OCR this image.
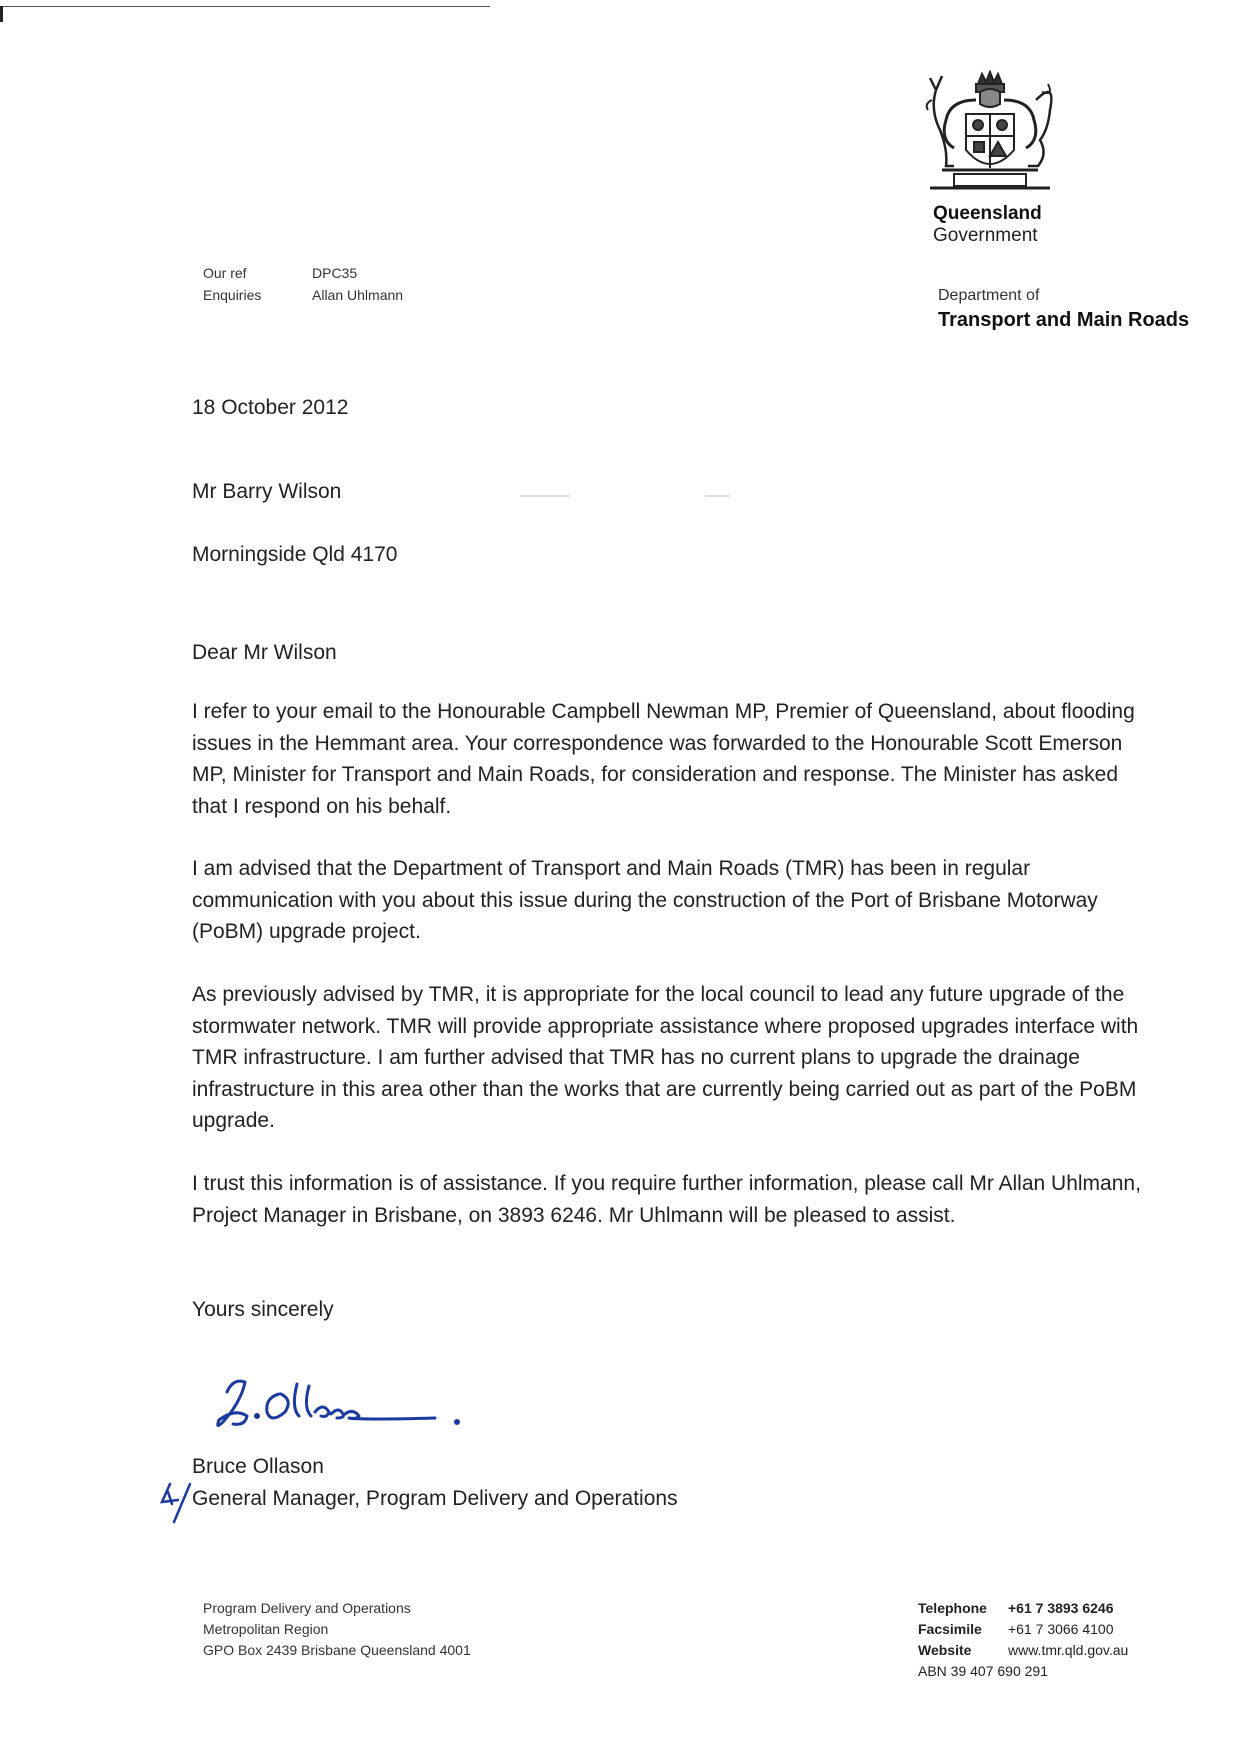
Queensland
Government
Our ref	DPC35
Enquiries	Allan Uhlmann	Department of
Transport and Main Roads
18 October 2012
Mr Barry Wilson
Morningside Qld 4170
Dear Mr Wilson

I refer to your email to the Honourable Campbell Newman MP, Premier of Queensland, about flooding issues in the Hemmant area. Your correspondence was forwarded to the Honourable Scott Emerson MP, Minister for Transport and Main Roads, for consideration and response. The Minister has asked that I respond on his behalf.

I am advised that the Department of Transport and Main Roads (TMR) has been in regular communication with you about this issue during the construction of the Port of Brisbane Motorway (PoBM) upgrade project.

As previously advised by TMR, it is appropriate for the local council to lead any future upgrade of the stormwater network. TMR will provide appropriate assistance where proposed upgrades interface with TMR infrastructure. I am further advised that TMR has no current plans to upgrade the drainage infrastructure in this area other than the works that are currently being carried out as part of the PoBM upgrade.

I trust this information is of assistance. If you require further information, please call Mr Allan Uhlmann, Project Manager in Brisbane, on 3893 6246. Mr Uhlmann will be pleased to assist.

Yours sincerely
Bruce Ollason
General Manager, Program Delivery and Operations
Program Delivery and Operations
Metropolitan Region
GPO Box 2439 Brisbane Queensland 4001
Telephone	+61 7 3893 6246
Facsimile	+61 7 3066 4100
Website	www.tmr.qld.gov.au
ABN 39 407 690 291
